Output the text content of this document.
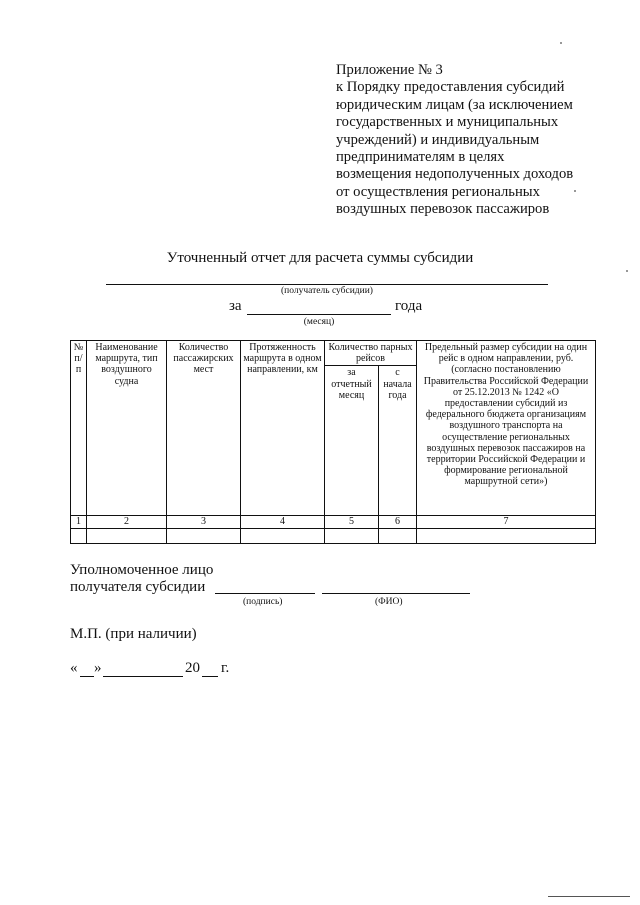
Приложение № 3
к Порядку предоставления субсидий
юридическим лицам (за исключением
государственных и муниципальных
учреждений) и индивидуальным
предпринимателям в целях
возмещения недополученных доходов
от осуществления региональных
воздушных перевозок пассажиров
Уточненный отчет для расчета суммы субсидии
(получатель субсидии)
за	года
(месяц)
№ п/п	Наименование маршрута, тип воздушного судна	Количество пассажирских мест	Протяженность маршрута в одном направлении, км	Количество парных рейсов		Предельный размер субсидии на один рейс в одном направлении, руб. (согласно постановлению Правительства Российской Федерации от 25.12.2013 № 1242 «О предоставлении субсидий из федерального бюджета организациям воздушного транспорта на осуществление региональных воздушных перевозок пассажиров на территории Российской Федерации и формирование региональной маршрутной сети»)
				за отчетный месяц	с начала года	
1	2	3	4	5	6	7

Уполномоченное лицо
получателя субсидии
(подпись)	(ФИО)
М.П. (при наличии)
« »	20 г.
